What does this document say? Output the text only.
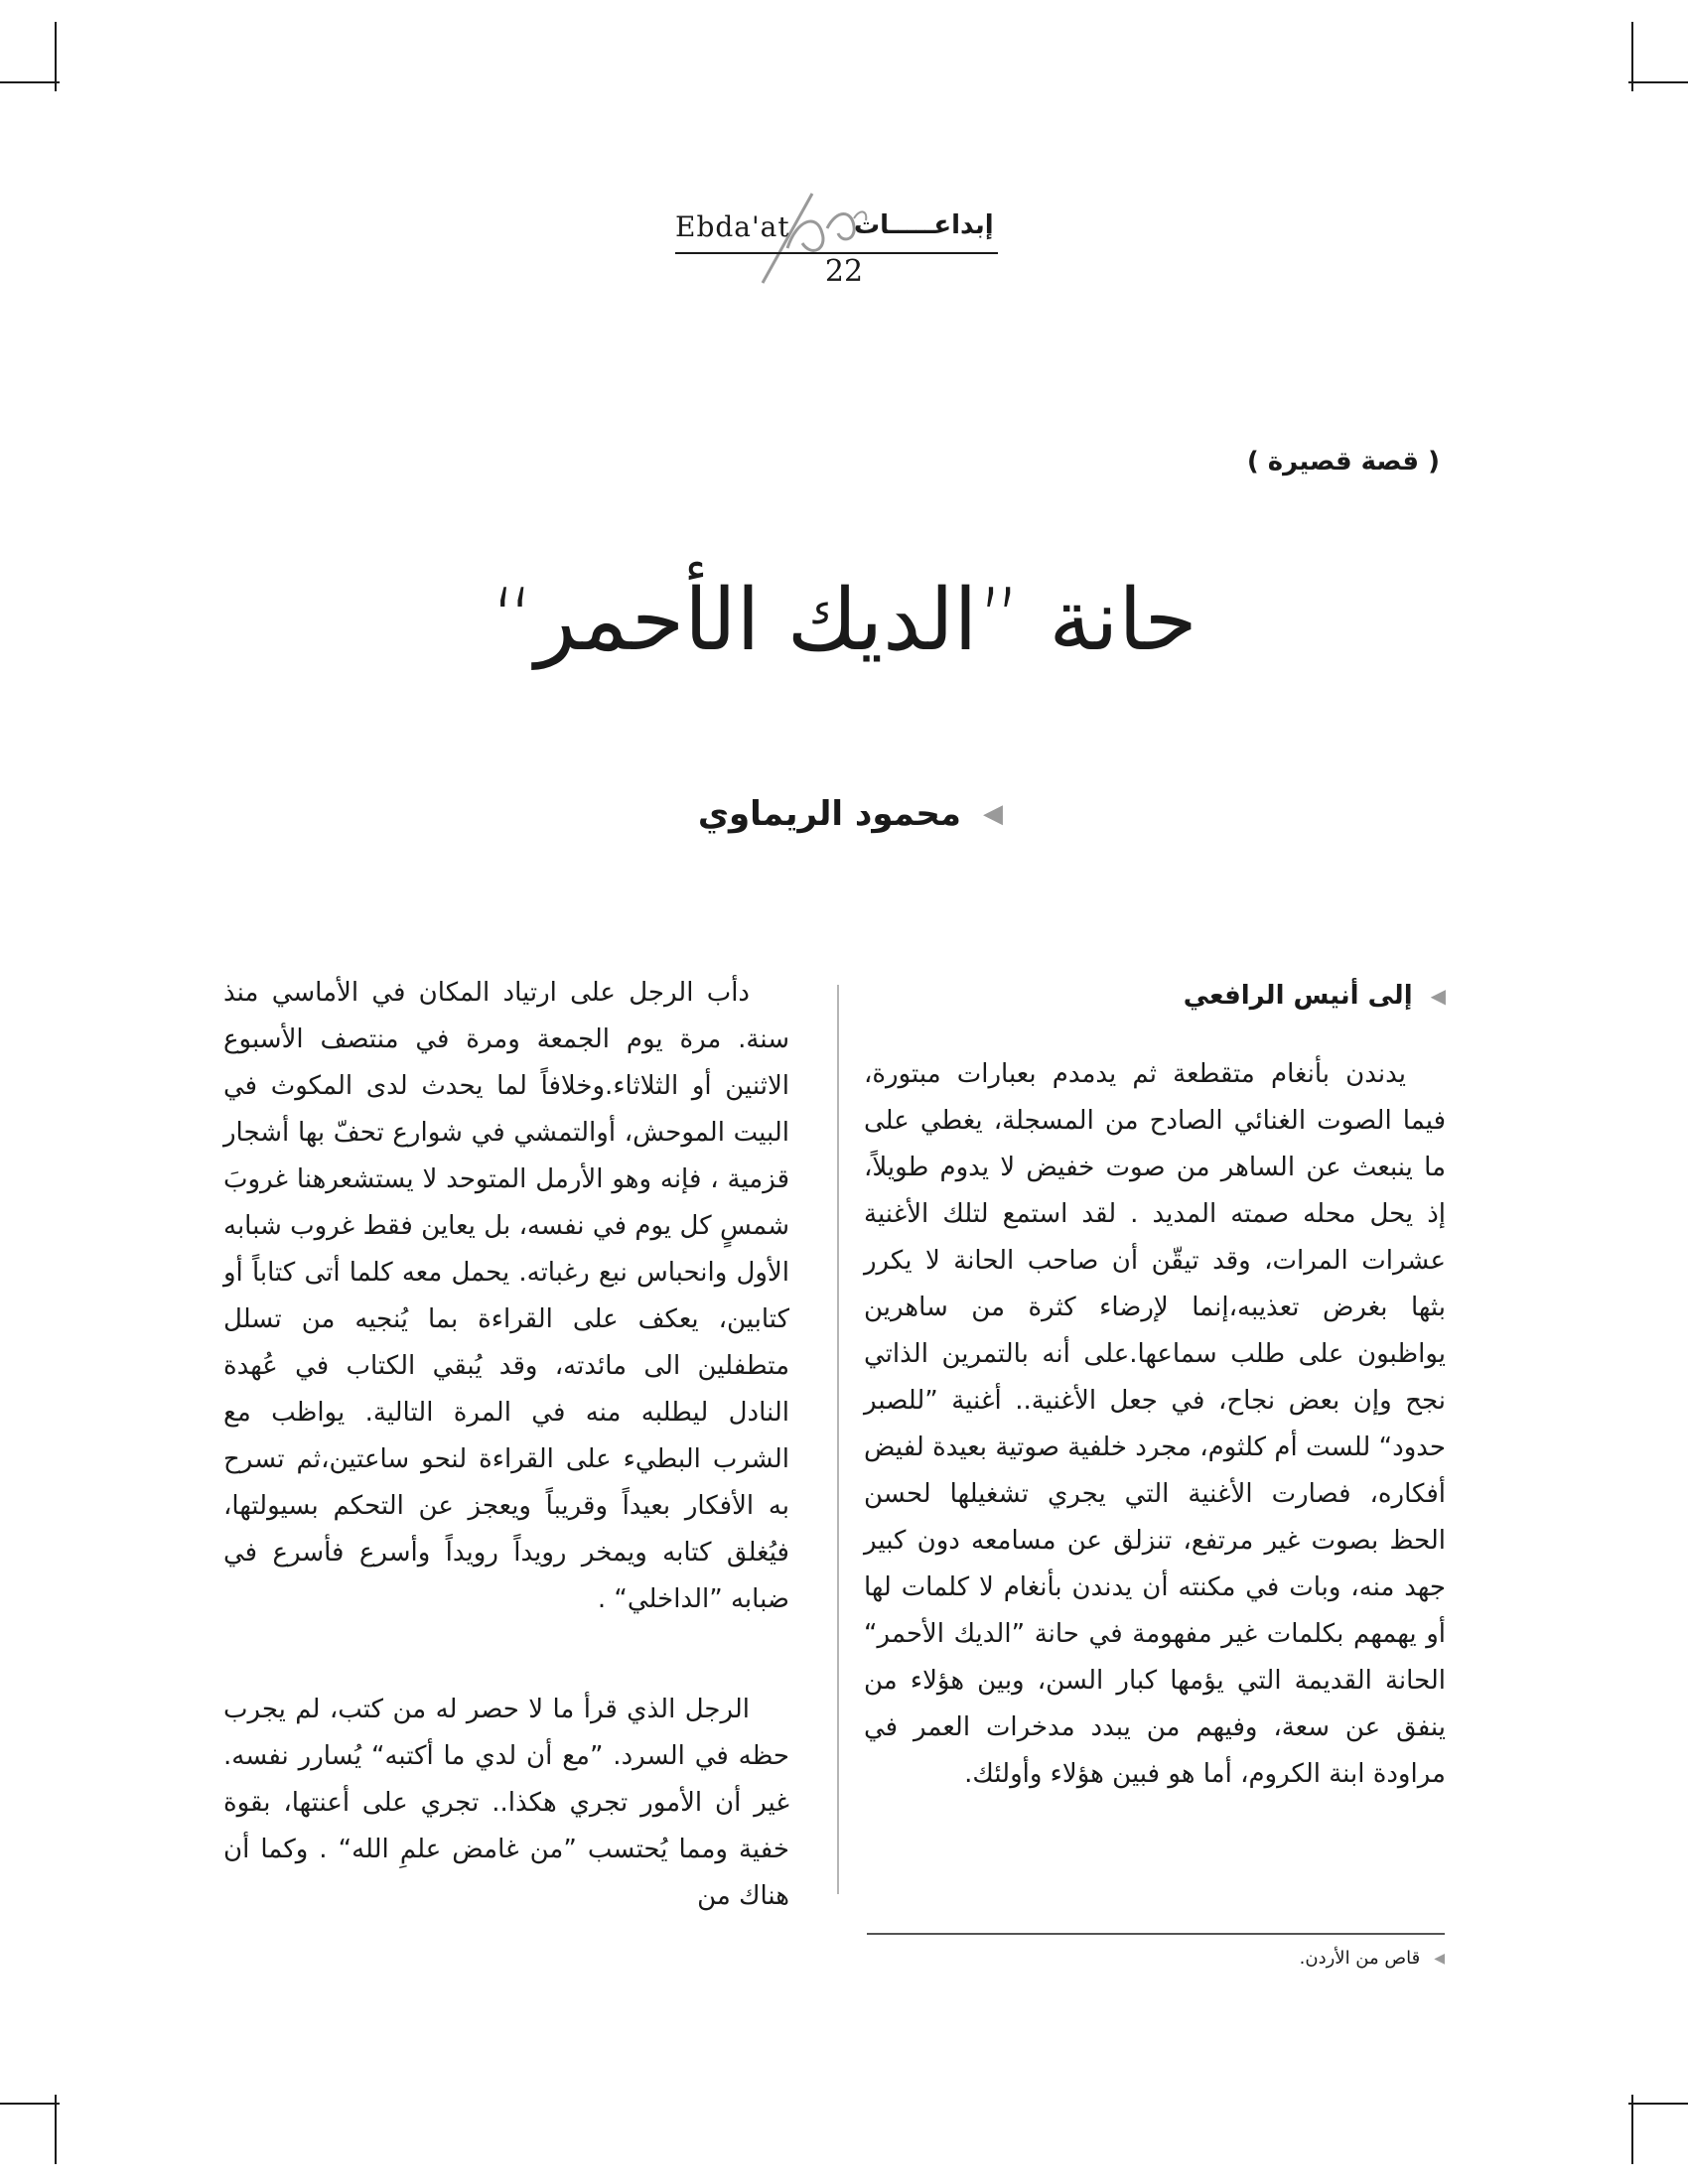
Ebda'at إبداعـــــات
22
( قصة قصيرة )
حانة ”الديك الأحمر“
◀
محمود الريماوي
◀
إلى أنيس الرافعي

يدندن بأنغام متقطعة ثم يدمدم بعبارات مبتورة، فيما الصوت الغنائي الصادح من المسجلة، يغطي على ما ينبعث عن الساهر من صوت خفيض لا يدوم طويلاً، إذ يحل محله صمته المديد . لقد استمع لتلك الأغنية عشرات المرات، وقد تيقّن أن صاحب الحانة لا يكرر بثها بغرض تعذيبه،إنما لإرضاء كثرة من ساهرين يواظبون على طلب سماعها.على أنه بالتمرين الذاتي نجح وإن بعض نجاح، في جعل الأغنية.. أغنية ”للصبر حدود“ للست أم كلثوم، مجرد خلفية صوتية بعيدة لفيض أفكاره، فصارت الأغنية التي يجري تشغيلها لحسن الحظ بصوت غير مرتفع، تنزلق عن مسامعه دون كبير جهد منه، وبات في مكنته أن يدندن بأنغام لا كلمات لها أو يهمهم بكلمات غير مفهومة في حانة ”الديك الأحمر“ الحانة القديمة التي يؤمها كبار السن، وبين هؤلاء من ينفق عن سعة، وفيهم من يبدد مدخرات العمر في مراودة ابنة الكروم، أما هو فبين هؤلاء وأولئك.

دأب الرجل على ارتياد المكان في الأماسي منذ سنة. مرة يوم الجمعة ومرة في منتصف الأسبوع الاثنين أو الثلاثاء.وخلافاً لما يحدث لدى المكوث في البيت الموحش، أوالتمشي في شوارع تحفّ بها أشجار قزمية ، فإنه وهو الأرمل المتوحد لا يستشعرهنا غروبَ شمسٍ كل يوم في نفسه، بل يعاين فقط غروب شبابه الأول وانحباس نبع رغباته. يحمل معه كلما أتى كتاباً أو كتابين، يعكف على القراءة بما يُنجيه من تسلل متطفلين الى مائدته، وقد يُبقي الكتاب في عُهدة النادل ليطلبه منه في المرة التالية. يواظب مع الشرب البطيء على القراءة لنحو ساعتين،ثم تسرح به الأفكار بعيداً وقريباً ويعجز عن التحكم بسيولتها، فيُغلق كتابه ويمخر رويداً رويداً وأسرع فأسرع في ضبابه ”الداخلي“ .

الرجل الذي قرأ ما لا حصر له من كتب، لم يجرب حظه في السرد. ”مع أن لدي ما أكتبه“ يُسارر نفسه. غير أن الأمور تجري هكذا.. تجري على أعنتها، بقوة خفية ومما يُحتسب ”من غامض علمِ الله“ . وكما أن هناك من

◀
قاص من الأردن.
